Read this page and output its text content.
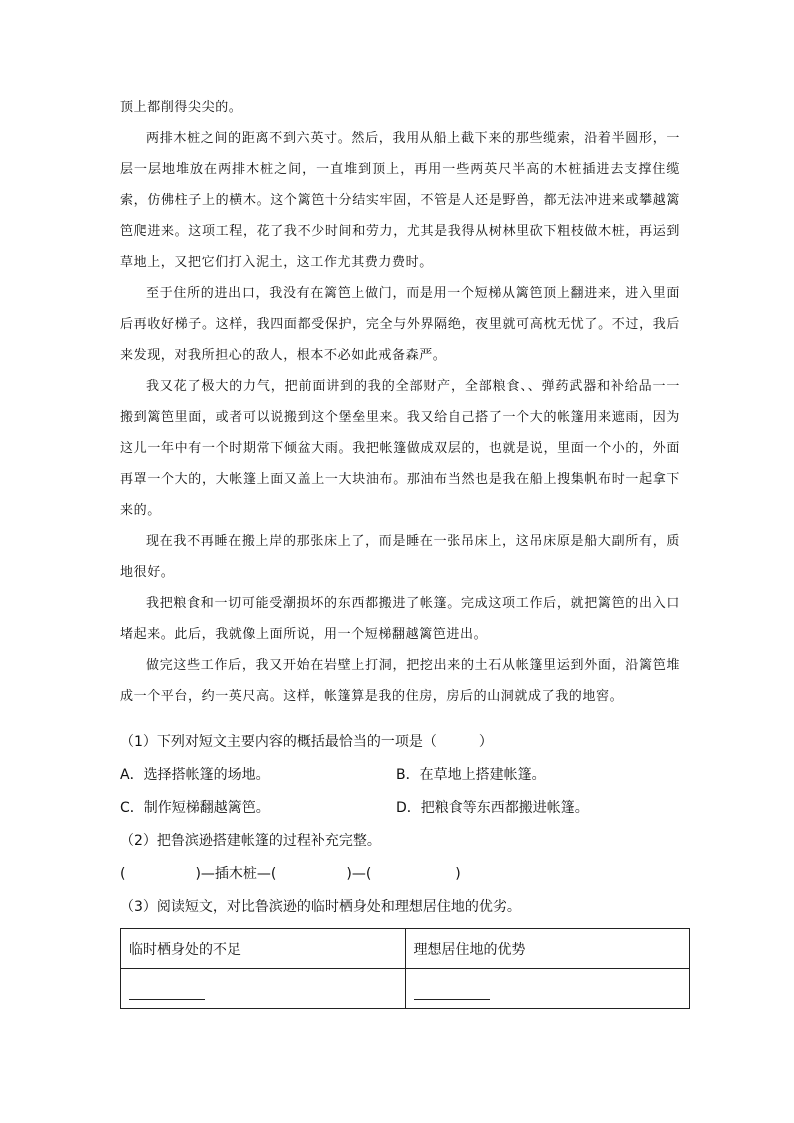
顶上都削得尖尖的。

两排木桩之间的距离不到六英寸。然后，我用从船上截下来的那些缆索，沿着半圆形，一层一层地堆放在两排木桩之间，一直堆到顶上，再用一些两英尺半高的木桩插进去支撑住缆索，仿佛柱子上的横木。这个篱笆十分结实牢固，不管是人还是野兽，都无法冲进来或攀越篱笆爬进来。这项工程，花了我不少时间和劳力，尤其是我得从树林里砍下粗枝做木桩，再运到草地上，又把它们打入泥土，这工作尤其费力费时。

至于住所的进出口，我没有在篱笆上做门，而是用一个短梯从篱笆顶上翻进来，进入里面后再收好梯子。这样，我四面都受保护，完全与外界隔绝，夜里就可高枕无忧了。不过，我后来发现，对我所担心的敌人，根本不必如此戒备森严。

我又花了极大的力气，把前面讲到的我的全部财产，全部粮食、、弹药武器和补给品一一搬到篱笆里面，或者可以说搬到这个堡垒里来。我又给自己搭了一个大的帐篷用来遮雨，因为这儿一年中有一个时期常下倾盆大雨。我把帐篷做成双层的，也就是说，里面一个小的，外面再罩一个大的，大帐篷上面又盖上一大块油布。那油布当然也是我在船上搜集帆布时一起拿下来的。

现在我不再睡在搬上岸的那张床上了，而是睡在一张吊床上，这吊床原是船大副所有，质地很好。

我把粮食和一切可能受潮损坏的东西都搬进了帐篷。完成这项工作后，就把篱笆的出入口堵起来。此后，我就像上面所说，用一个短梯翻越篱笆进出。

做完这些工作后，我又开始在岩壁上打洞，把挖出来的土石从帐篷里运到外面，沿篱笆堆成一个平台，约一英尺高。这样，帐篷算是我的住房，房后的山洞就成了我的地窖。

（1）下列对短文主要内容的概括最恰当的一项是（　　　）
A．选择搭帐篷的场地。	B．在草地上搭建帐篷。
C．制作短梯翻越篱笆。	D．把粮食等东西都搬进帐篷。
（2）把鲁滨逊搭建帐篷的过程补充完整。
(　　　　　)—插木桩—(　　　　　)—(　　　　　　)
（3）阅读短文，对比鲁滨逊的临时栖身处和理想居住地的优劣。
临时栖身处的不足	理想居住地的优势
